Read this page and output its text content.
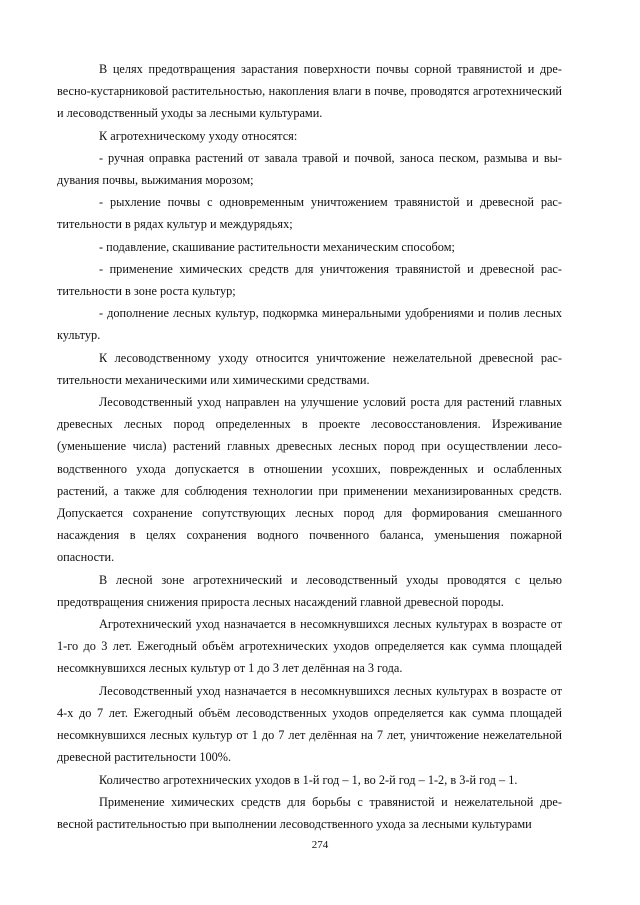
В целях предотвращения зарастания поверхности почвы сорной травянистой и древесно-кустарниковой растительностью, накопления влаги в почве, проводятся агротехнический и лесоводственный уходы за лесными культурами.

К агротехническому уходу относятся:

- ручная оправка растений от завала травой и почвой, заноса песком, размыва и выдувания почвы, выжимания морозом;

- рыхление почвы с одновременным уничтожением травянистой и древесной растительности в рядах культур и междурядьях;

- подавление, скашивание растительности механическим способом;

- применение химических средств для уничтожения травянистой и древесной растительности в зоне роста культур;

- дополнение лесных культур, подкормка минеральными удобрениями и полив лесных культур.

К лесоводственному уходу относится уничтожение нежелательной древесной растительности механическими или химическими средствами.

Лесоводственный уход направлен на улучшение условий роста для растений главных древесных лесных пород определенных в проекте лесовосстановления. Изреживание (уменьшение числа) растений главных древесных лесных пород при осуществлении лесоводственного ухода допускается в отношении усохших, поврежденных и ослабленных растений, а также для соблюдения технологии при применении механизированных средств. Допускается сохранение сопутствующих лесных пород для формирования смешанного насаждения в целях сохранения водного почвенного баланса, уменьшения пожарной опасности.

В лесной зоне агротехнический и лесоводственный уходы проводятся с целью предотвращения снижения прироста лесных насаждений главной древесной породы.

Агротехнический уход назначается в несомкнувшихся лесных культурах в возрасте от 1-го до 3 лет. Ежегодный объём агротехнических уходов определяется как сумма площадей несомкнувшихся лесных культур от 1 до 3 лет делённая на 3 года.

Лесоводственный уход назначается в несомкнувшихся лесных культурах в возрасте от 4-х до 7 лет. Ежегодный объём лесоводственных уходов определяется как сумма площадей несомкнувшихся лесных культур от 1 до 7 лет делённая на 7 лет, уничтожение нежелательной древесной растительности 100%.

Количество агротехнических уходов в 1-й год – 1, во 2-й год – 1-2, в 3-й год – 1.

Применение химических средств для борьбы с травянистой и нежелательной древесной растительностью при выполнении лесоводственного ухода за лесными культурами

274
